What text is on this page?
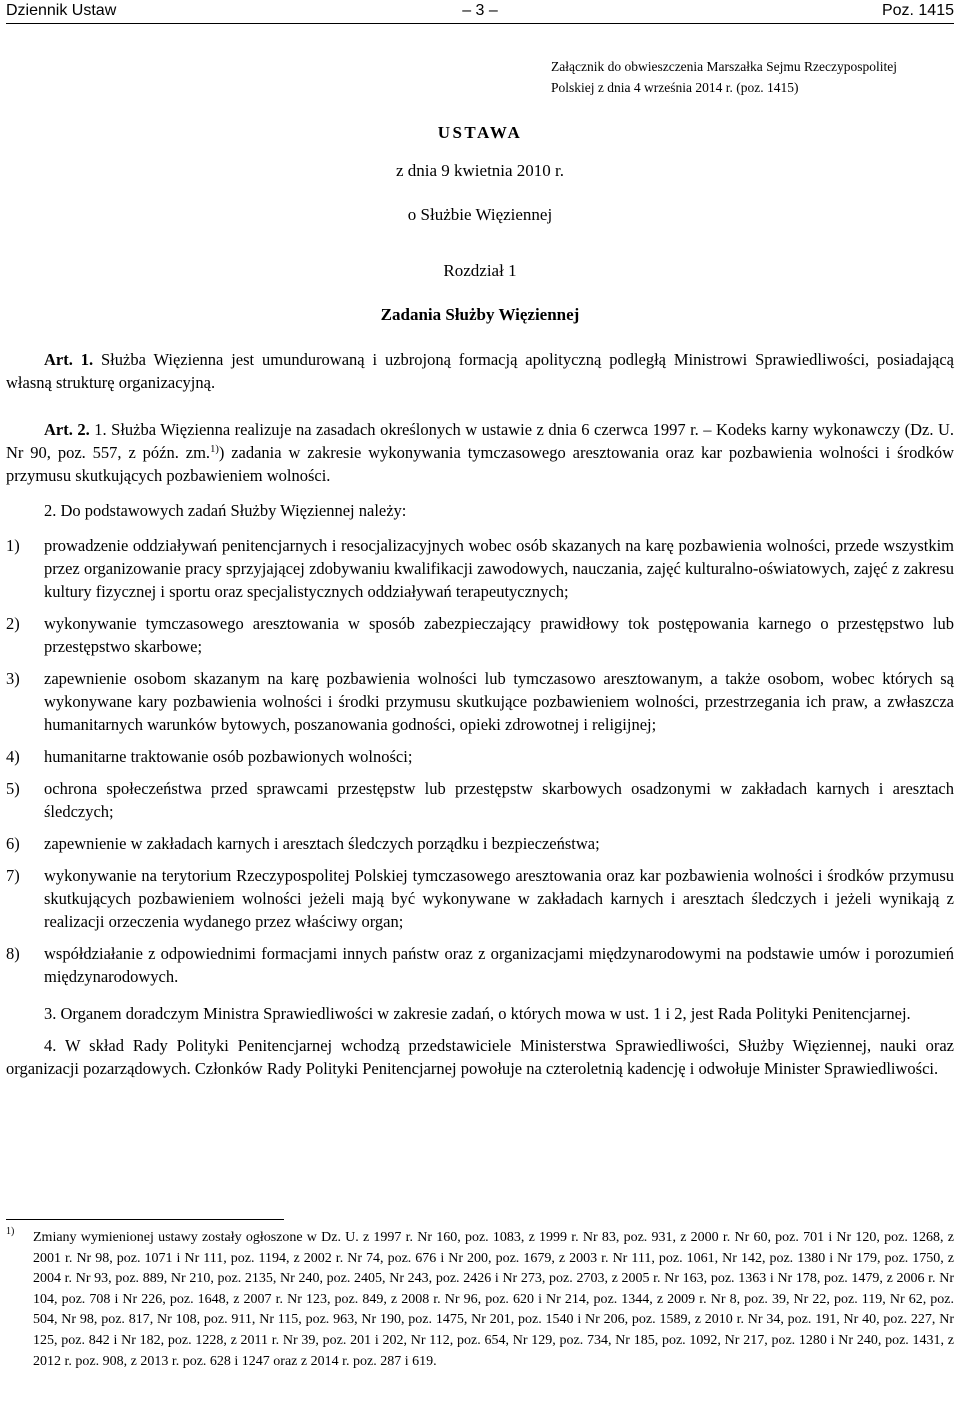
Dziennik Ustaw	– 3 –	Poz. 1415
Załącznik do obwieszczenia Marszałka Sejmu Rzeczypospolitej
Polskiej z dnia 4 września 2014 r. (poz. 1415)
USTAWA
z dnia 9 kwietnia 2010 r.
o Służbie Więziennej
Rozdział 1
Zadania Służby Więziennej

Art. 1. Służba Więzienna jest umundurowaną i uzbrojoną formacją apolityczną podległą Ministrowi Sprawiedliwości, posiadającą własną strukturę organizacyjną.

Art. 2. 1. Służba Więzienna realizuje na zasadach określonych w ustawie z dnia 6 czerwca 1997 r. – Kodeks karny wykonawczy (Dz. U. Nr 90, poz. 557, z późn. zm.$^{1)}$) zadania w zakresie wykonywania tymczasowego aresztowania oraz kar pozbawienia wolności i środków przymusu skutkujących pozbawieniem wolności.

2. Do podstawowych zadań Służby Więziennej należy:

1) prowadzenie oddziaływań penitencjarnych i resocjalizacyjnych wobec osób skazanych na karę pozbawienia wolności, przede wszystkim przez organizowanie pracy sprzyjającej zdobywaniu kwalifikacji zawodowych, nauczania, zajęć kulturalno-oświatowych, zajęć z zakresu kultury fizycznej i sportu oraz specjalistycznych oddziaływań terapeutycznych;
2) wykonywanie tymczasowego aresztowania w sposób zabezpieczający prawidłowy tok postępowania karnego o przestępstwo lub przestępstwo skarbowe;
3) zapewnienie osobom skazanym na karę pozbawienia wolności lub tymczasowo aresztowanym, a także osobom, wobec których są wykonywane kary pozbawienia wolności i środki przymusu skutkujące pozbawieniem wolności, przestrzegania ich praw, a zwłaszcza humanitarnych warunków bytowych, poszanowania godności, opieki zdrowotnej i religijnej;
4) humanitarne traktowanie osób pozbawionych wolności;
5) ochrona społeczeństwa przed sprawcami przestępstw lub przestępstw skarbowych osadzonymi w zakładach karnych i aresztach śledczych;
6) zapewnienie w zakładach karnych i aresztach śledczych porządku i bezpieczeństwa;
7) wykonywanie na terytorium Rzeczypospolitej Polskiej tymczasowego aresztowania oraz kar pozbawienia wolności i środków przymusu skutkujących pozbawieniem wolności jeżeli mają być wykonywane w zakładach karnych i aresztach śledczych i jeżeli wynikają z realizacji orzeczenia wydanego przez właściwy organ;
8) współdziałanie z odpowiednimi formacjami innych państw oraz z organizacjami międzynarodowymi na podstawie umów i porozumień międzynarodowych.

3. Organem doradczym Ministra Sprawiedliwości w zakresie zadań, o których mowa w ust. 1 i 2, jest Rada Polityki Penitencjarnej.

4. W skład Rady Polityki Penitencjarnej wchodzą przedstawiciele Ministerstwa Sprawiedliwości, Służby Więziennej, nauki oraz organizacji pozarządowych. Członków Rady Polityki Penitencjarnej powołuje na czteroletnią kadencję i odwołuje Minister Sprawiedliwości.

1) Zmiany wymienionej ustawy zostały ogłoszone w Dz. U. z 1997 r. Nr 160, poz. 1083, z 1999 r. Nr 83, poz. 931, z 2000 r. Nr 60, poz. 701 i Nr 120, poz. 1268, z 2001 r. Nr 98, poz. 1071 i Nr 111, poz. 1194, z 2002 r. Nr 74, poz. 676 i Nr 200, poz. 1679, z 2003 r. Nr 111, poz. 1061, Nr 142, poz. 1380 i Nr 179, poz. 1750, z 2004 r. Nr 93, poz. 889, Nr 210, poz. 2135, Nr 240, poz. 2405, Nr 243, poz. 2426 i Nr 273, poz. 2703, z 2005 r. Nr 163, poz. 1363 i Nr 178, poz. 1479, z 2006 r. Nr 104, poz. 708 i Nr 226, poz. 1648, z 2007 r. Nr 123, poz. 849, z 2008 r. Nr 96, poz. 620 i Nr 214, poz. 1344, z 2009 r. Nr 8, poz. 39, Nr 22, poz. 119, Nr 62, poz. 504, Nr 98, poz. 817, Nr 108, poz. 911, Nr 115, poz. 963, Nr 190, poz. 1475, Nr 201, poz. 1540 i Nr 206, poz. 1589, z 2010 r. Nr 34, poz. 191, Nr 40, poz. 227, Nr 125, poz. 842 i Nr 182, poz. 1228, z 2011 r. Nr 39, poz. 201 i 202, Nr 112, poz. 654, Nr 129, poz. 734, Nr 185, poz. 1092, Nr 217, poz. 1280 i Nr 240, poz. 1431, z 2012 r. poz. 908, z 2013 r. poz. 628 i 1247 oraz z 2014 r. poz. 287 i 619.
